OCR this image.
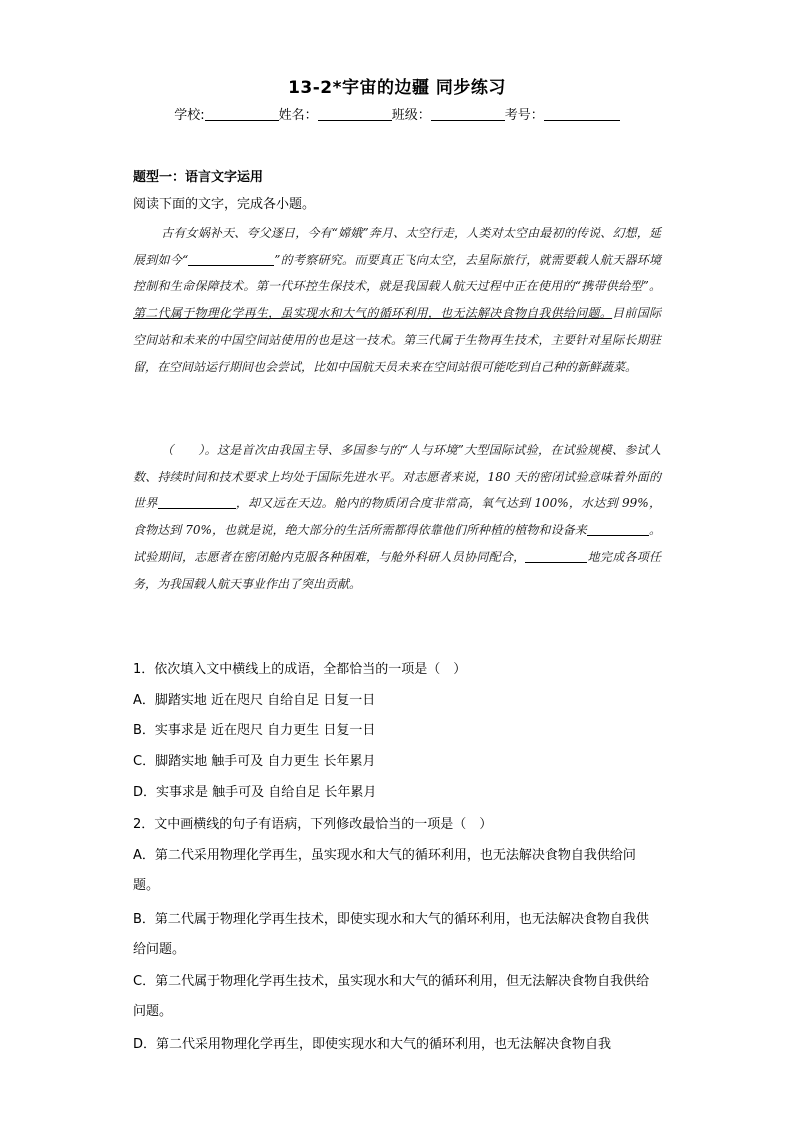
13-2*宇宙的边疆 同步练习
学校:	姓名：	班级：	考号：
题型一：语言文字运用
阅读下面的文字，完成各小题。
古有女娲补天、夸父逐日，今有“嫦娥”奔月、太空行走，人类对太空由最初的传说、幻想，延展到如今“	”的考察研究。而要真正飞向太空，去星际旅行，就需要载人航天器环境控制和生命保障技术。第一代环控生保技术，就是我国载人航天过程中正在使用的“携带供给型”。第二代属于物理化学再生，虽实现水和大气的循环利用，也无法解决食物自我供给问题。目前国际空间站和未来的中国空间站使用的也是这一技术。第三代属于生物再生技术，主要针对星际长期驻留，在空间站运行期间也会尝试，比如中国航天员未来在空间站很可能吃到自己种的新鲜蔬菜。
（　　）。这是首次由我国主导、多国参与的“人与环境”大型国际试验，在试验规模、参试人数、持续时间和技术要求上均处于国际先进水平。对志愿者来说，180 天的密闭试验意味着外面的世界	，却又远在天边。舱内的物质闭合度非常高，氧气达到 100%，水达到 99%，食物达到 70%，也就是说，绝大部分的生活所需都得依靠他们所种植的植物和设备来	。试验期间，志愿者在密闭舱内克服各种困难，与舱外科研人员协同配合，	地完成各项任务，为我国载人航天事业作出了突出贡献。
1．依次填入文中横线上的成语，全都恰当的一项是（　）
A．脚踏实地 近在咫尺 自给自足 日复一日
B．实事求是 近在咫尺 自力更生 日复一日
C．脚踏实地 触手可及 自力更生 长年累月
D．实事求是 触手可及 自给自足 长年累月
2．文中画横线的句子有语病，下列修改最恰当的一项是（　）
A．第二代采用物理化学再生，虽实现水和大气的循环利用，也无法解决食物自我供给问题。
B．第二代属于物理化学再生技术，即使实现水和大气的循环利用，也无法解决食物自我供给问题。
C．第二代属于物理化学再生技术，虽实现水和大气的循环利用，但无法解决食物自我供给问题。
D．第二代采用物理化学再生，即使实现水和大气的循环利用，也无法解决食物自我
